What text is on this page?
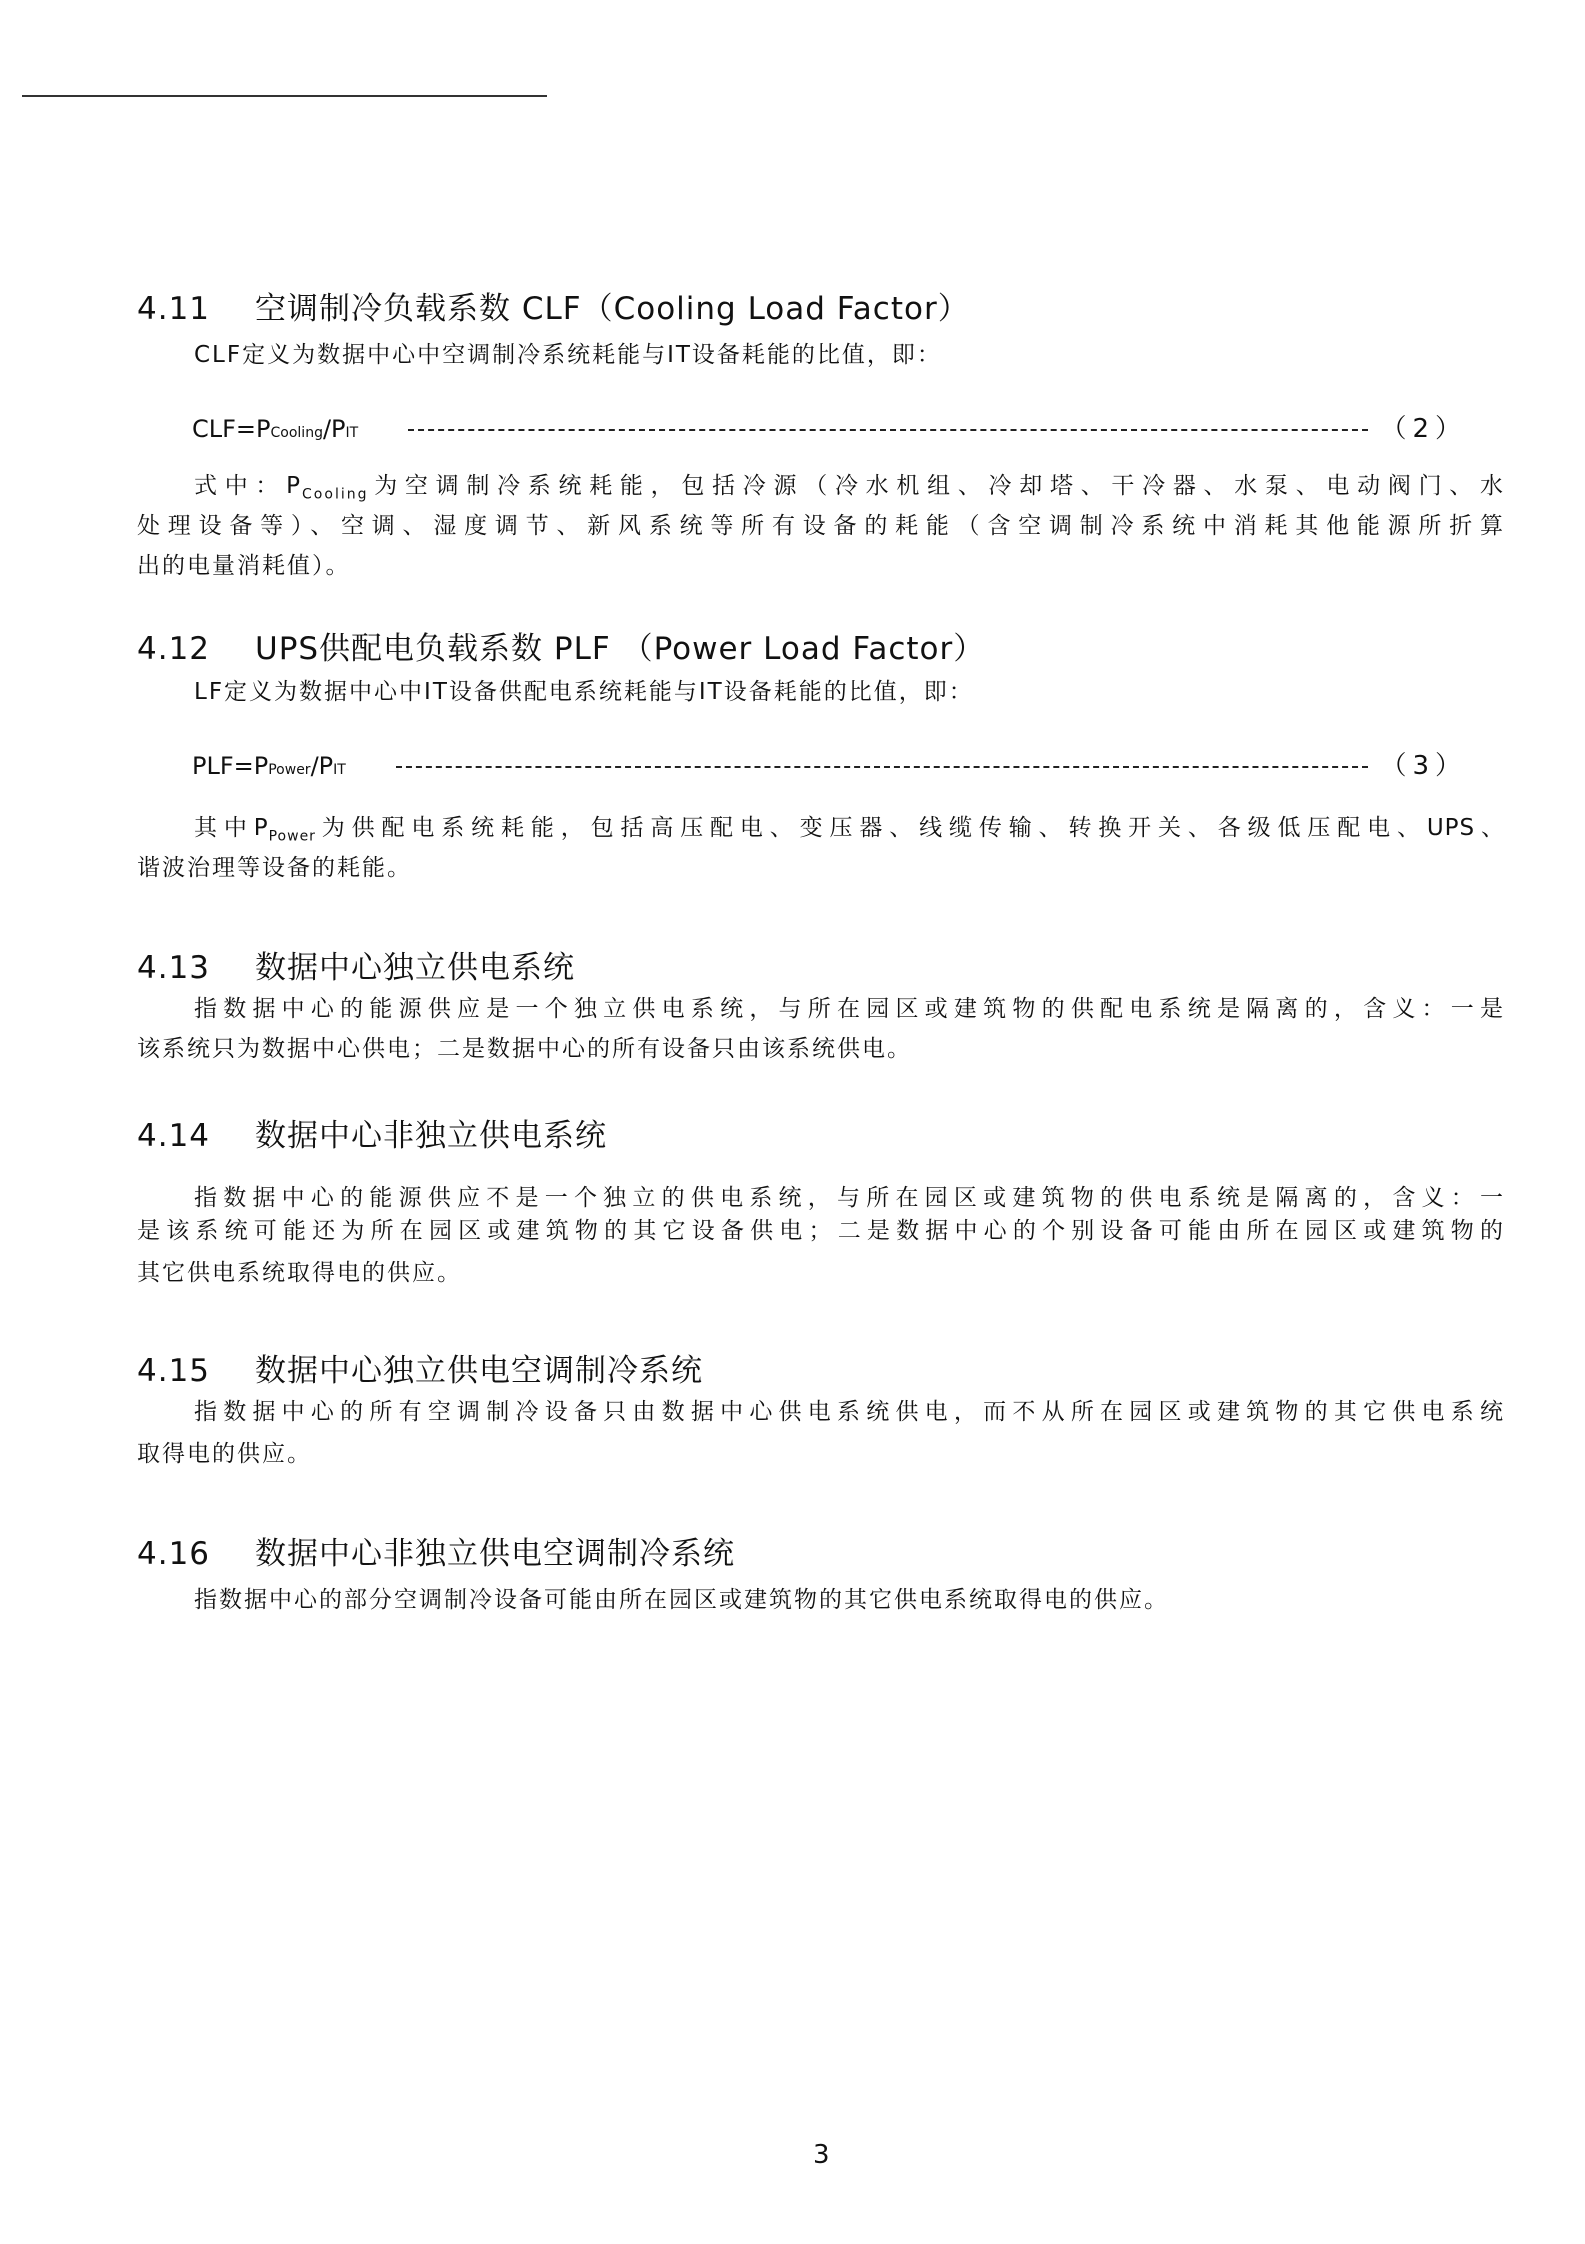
4.11 空调制冷负载系数 CLF（Cooling Load Factor）
CLF定义为数据中心中空调制冷系统耗能与IT设备耗能的比值，即：
CLF=P Cooling /P IT	（2）
式中：$P_{Cooling}$为空调制冷系统耗能，包括冷源（冷水机组、冷却塔、干冷器、水泵、电动阀门、水
处理设备等）、空调、湿度调节、新风系统等所有设备的耗能（含空调制冷系统中消耗其他能源所折算
出的电量消耗值）。
4.12 UPS供配电负载系数 PLF （Power Load Factor）
LF定义为数据中心中IT设备供配电系统耗能与IT设备耗能的比值，即：
PLF=P Power /P IT	（3）
其中$P_{Power}$为供配电系统耗能，包括高压配电、变压器、线缆传输、转换开关、各级低压配电、UPS、
谐波治理等设备的耗能。
4.13 数据中心独立供电系统
指数据中心的能源供应是一个独立供电系统，与所在园区或建筑物的供配电系统是隔离的，含义：一是
该系统只为数据中心供电；二是数据中心的所有设备只由该系统供电。
4.14 数据中心非独立供电系统
指数据中心的能源供应不是一个独立的供电系统，与所在园区或建筑物的供电系统是隔离的，含义：一
是该系统可能还为所在园区或建筑物的其它设备供电；二是数据中心的个别设备可能由所在园区或建筑物的
其它供电系统取得电的供应。
4.15 数据中心独立供电空调制冷系统
指数据中心的所有空调制冷设备只由数据中心供电系统供电，而不从所在园区或建筑物的其它供电系统
取得电的供应。
4.16 数据中心非独立供电空调制冷系统
指数据中心的部分空调制冷设备可能由所在园区或建筑物的其它供电系统取得电的供应。
3
